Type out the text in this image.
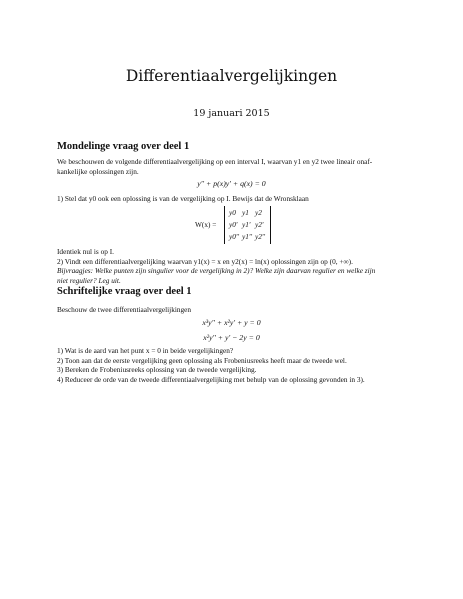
Differentiaalvergelijkingen
19 januari 2015
Mondelinge vraag over deel 1
We beschouwen de volgende differentiaalvergelijking op een interval I, waarvan y1 en y2 twee lineair onaf-
kankelijke oplossingen zijn.
y'' + p(x)y' + q(x) = 0
1) Stel dat y0 ook een oplossing is van de vergelijking op I. Bewijs dat de Wronsklaan
W(x) =
y0 y1 y2
y0' y1' y2'
y0'' y1'' y2''
Identiek nul is op I.
2) Vindt een differentiaalvergelijking waarvan y1(x) = x en y2(x) = ln(x) oplossingen zijn op (0, +∞).
Bijvraagjes: Welke punten zijn singulier voor de vergelijking in 2)? Welke zijn daarvan regulier en welke zijn
niet regulier? Leg uit.
Schriftelijke vraag over deel 1
Beschouw de twee differentiaalvergelijkingen
x³y'' + x²y' + y = 0
x²y'' + y' − 2y = 0
1) Wat is de aard van het punt x = 0 in beide vergelijkingen?
2) Toon aan dat de eerste vergelijking geen oplossing als Frobeniusreeks heeft maar de tweede wel.
3) Bereken de Frobeniusreeks oplossing van de tweede vergelijking.
4) Reduceer de orde van de tweede differentiaalvergelijking met behulp van de oplossing gevonden in 3).
